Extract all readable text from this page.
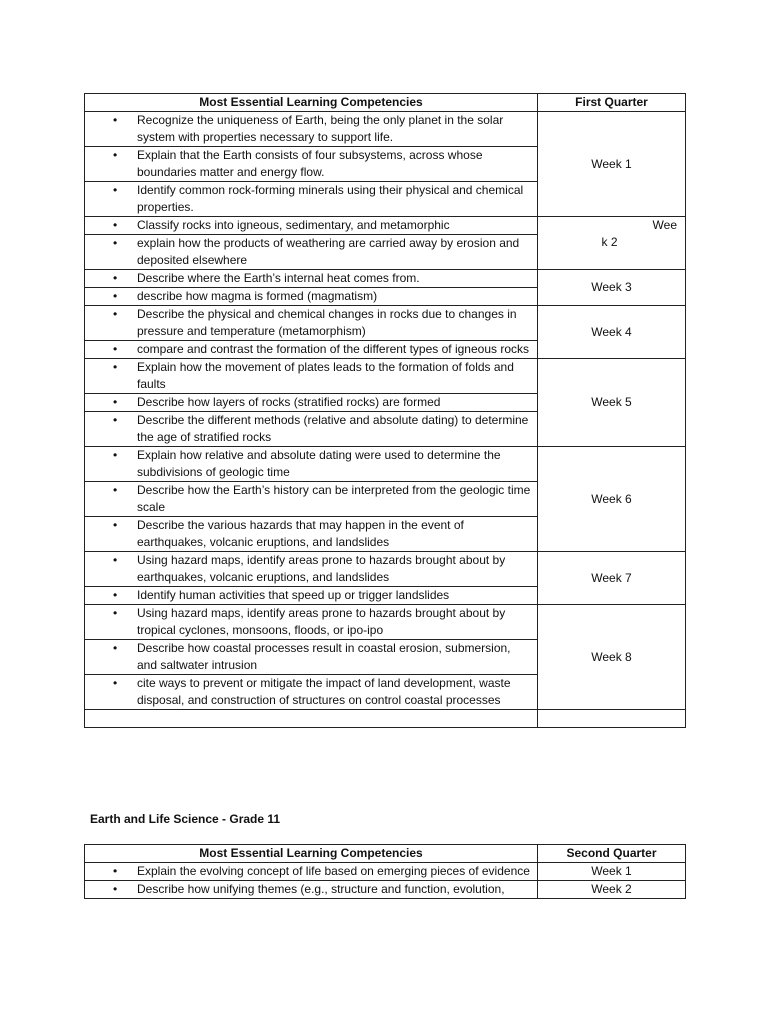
Most Essential Learning Competencies	First Quarter

• Recognize the uniqueness of Earth, being the only planet in the solar system with properties necessary to support life.	Week 1

• Explain that the Earth consists of four subsystems, across whose boundaries matter and energy flow.	

• Identify common rock-forming minerals using their physical and chemical properties.	

• Classify rocks into igneous, sedimentary, and metamorphic	Wee
k 2

• explain how the products of weathering are carried away by erosion and deposited elsewhere	

• Describe where the Earth’s internal heat comes from.	Week 3

• describe how magma is formed (magmatism)	

• Describe the physical and chemical changes in rocks due to changes in pressure and temperature (metamorphism)	Week 4

• compare and contrast the formation of the different types of igneous rocks	

• Explain how the movement of plates leads to the formation of folds and faults	Week 5

• Describe how layers of rocks (stratified rocks) are formed	

• Describe the different methods (relative and absolute dating) to determine the age of stratified rocks	

• Explain how relative and absolute dating were used to determine the subdivisions of geologic time	Week 6

• Describe how the Earth’s history can be interpreted from the geologic time scale	

• Describe the various hazards that may happen in the event of earthquakes, volcanic eruptions, and landslides	

• Using hazard maps, identify areas prone to hazards brought about by earthquakes, volcanic eruptions, and landslides	Week 7

• Identify human activities that speed up or trigger landslides	

• Using hazard maps, identify areas prone to hazards brought about by tropical cyclones, monsoons, floods, or ipo-ipo	Week 8

• Describe how coastal processes result in coastal erosion, submersion, and saltwater intrusion	

• cite ways to prevent or mitigate the impact of land development, waste disposal, and construction of structures on control coastal processes	

Earth and Life Science - Grade 11
Most Essential Learning Competencies	Second Quarter

• Explain the evolving concept of life based on emerging pieces of evidence	Week 1

• Describe how unifying themes (e.g., structure and function, evolution,	Week 2
